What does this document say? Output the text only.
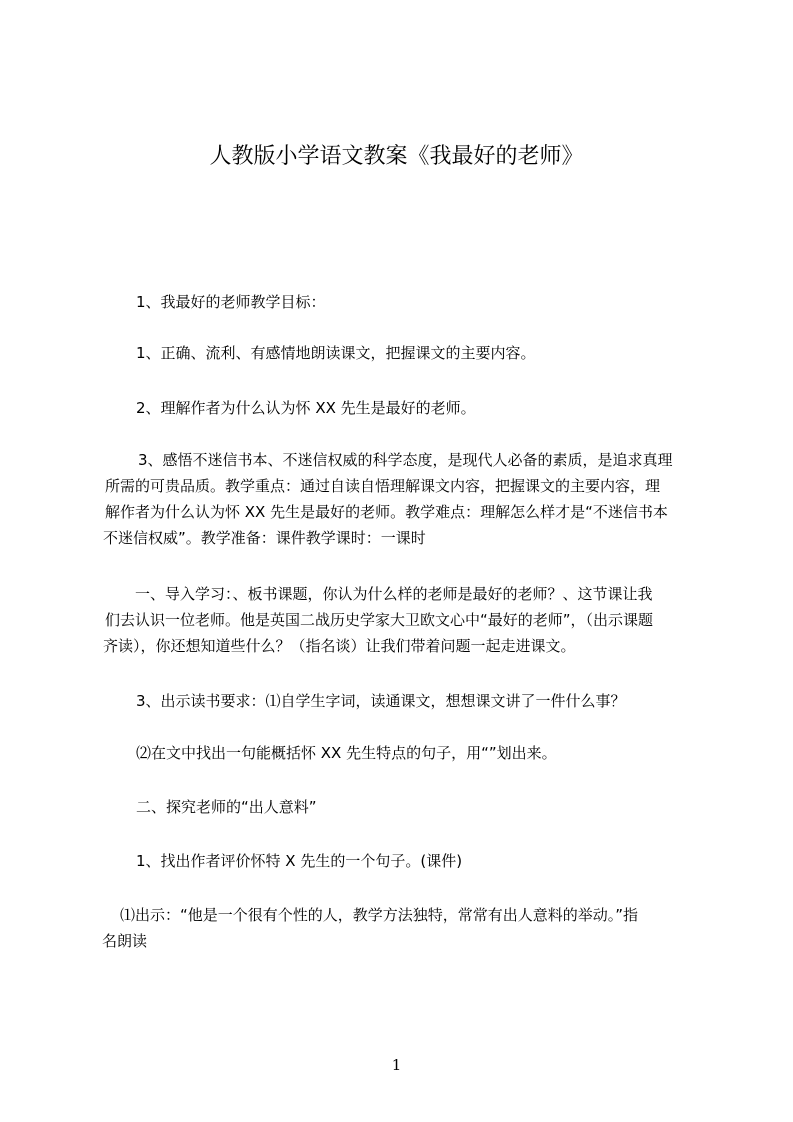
人教版小学语文教案《我最好的老师》
1、我最好的老师教学目标：
1、正确、流利、有感情地朗读课文，把握课文的主要内容。
2、理解作者为什么认为怀 XX 先生是最好的老师。
3、感悟不迷信书本、不迷信权威的科学态度，是现代人必备的素质，是追求真理
所需的可贵品质。教学重点：通过自读自悟理解课文内容，把握课文的主要内容，理
解作者为什么认为怀 XX 先生是最好的老师。教学难点：理解怎么样才是“不迷信书本
不迷信权威”。教学准备：课件教学课时：一课时
一、导入学习：、板书课题，你认为什么样的老师是最好的老师？、这节课让我
们去认识一位老师。他是英国二战历史学家大卫欧文心中“最好的老师”，（出示课题
齐读），你还想知道些什么？（指名谈）让我们带着问题一起走进课文。
3、出示读书要求：⑴自学生字词，读通课文，想想课文讲了一件什么事？
⑵在文中找出一句能概括怀 XX 先生特点的句子，用“”划出来。
二、探究老师的“出人意料”
1、找出作者评价怀特 X 先生的一个句子。(课件)
⑴出示：“他是一个很有个性的人，教学方法独特，常常有出人意料的举动。”指
名朗读
1
